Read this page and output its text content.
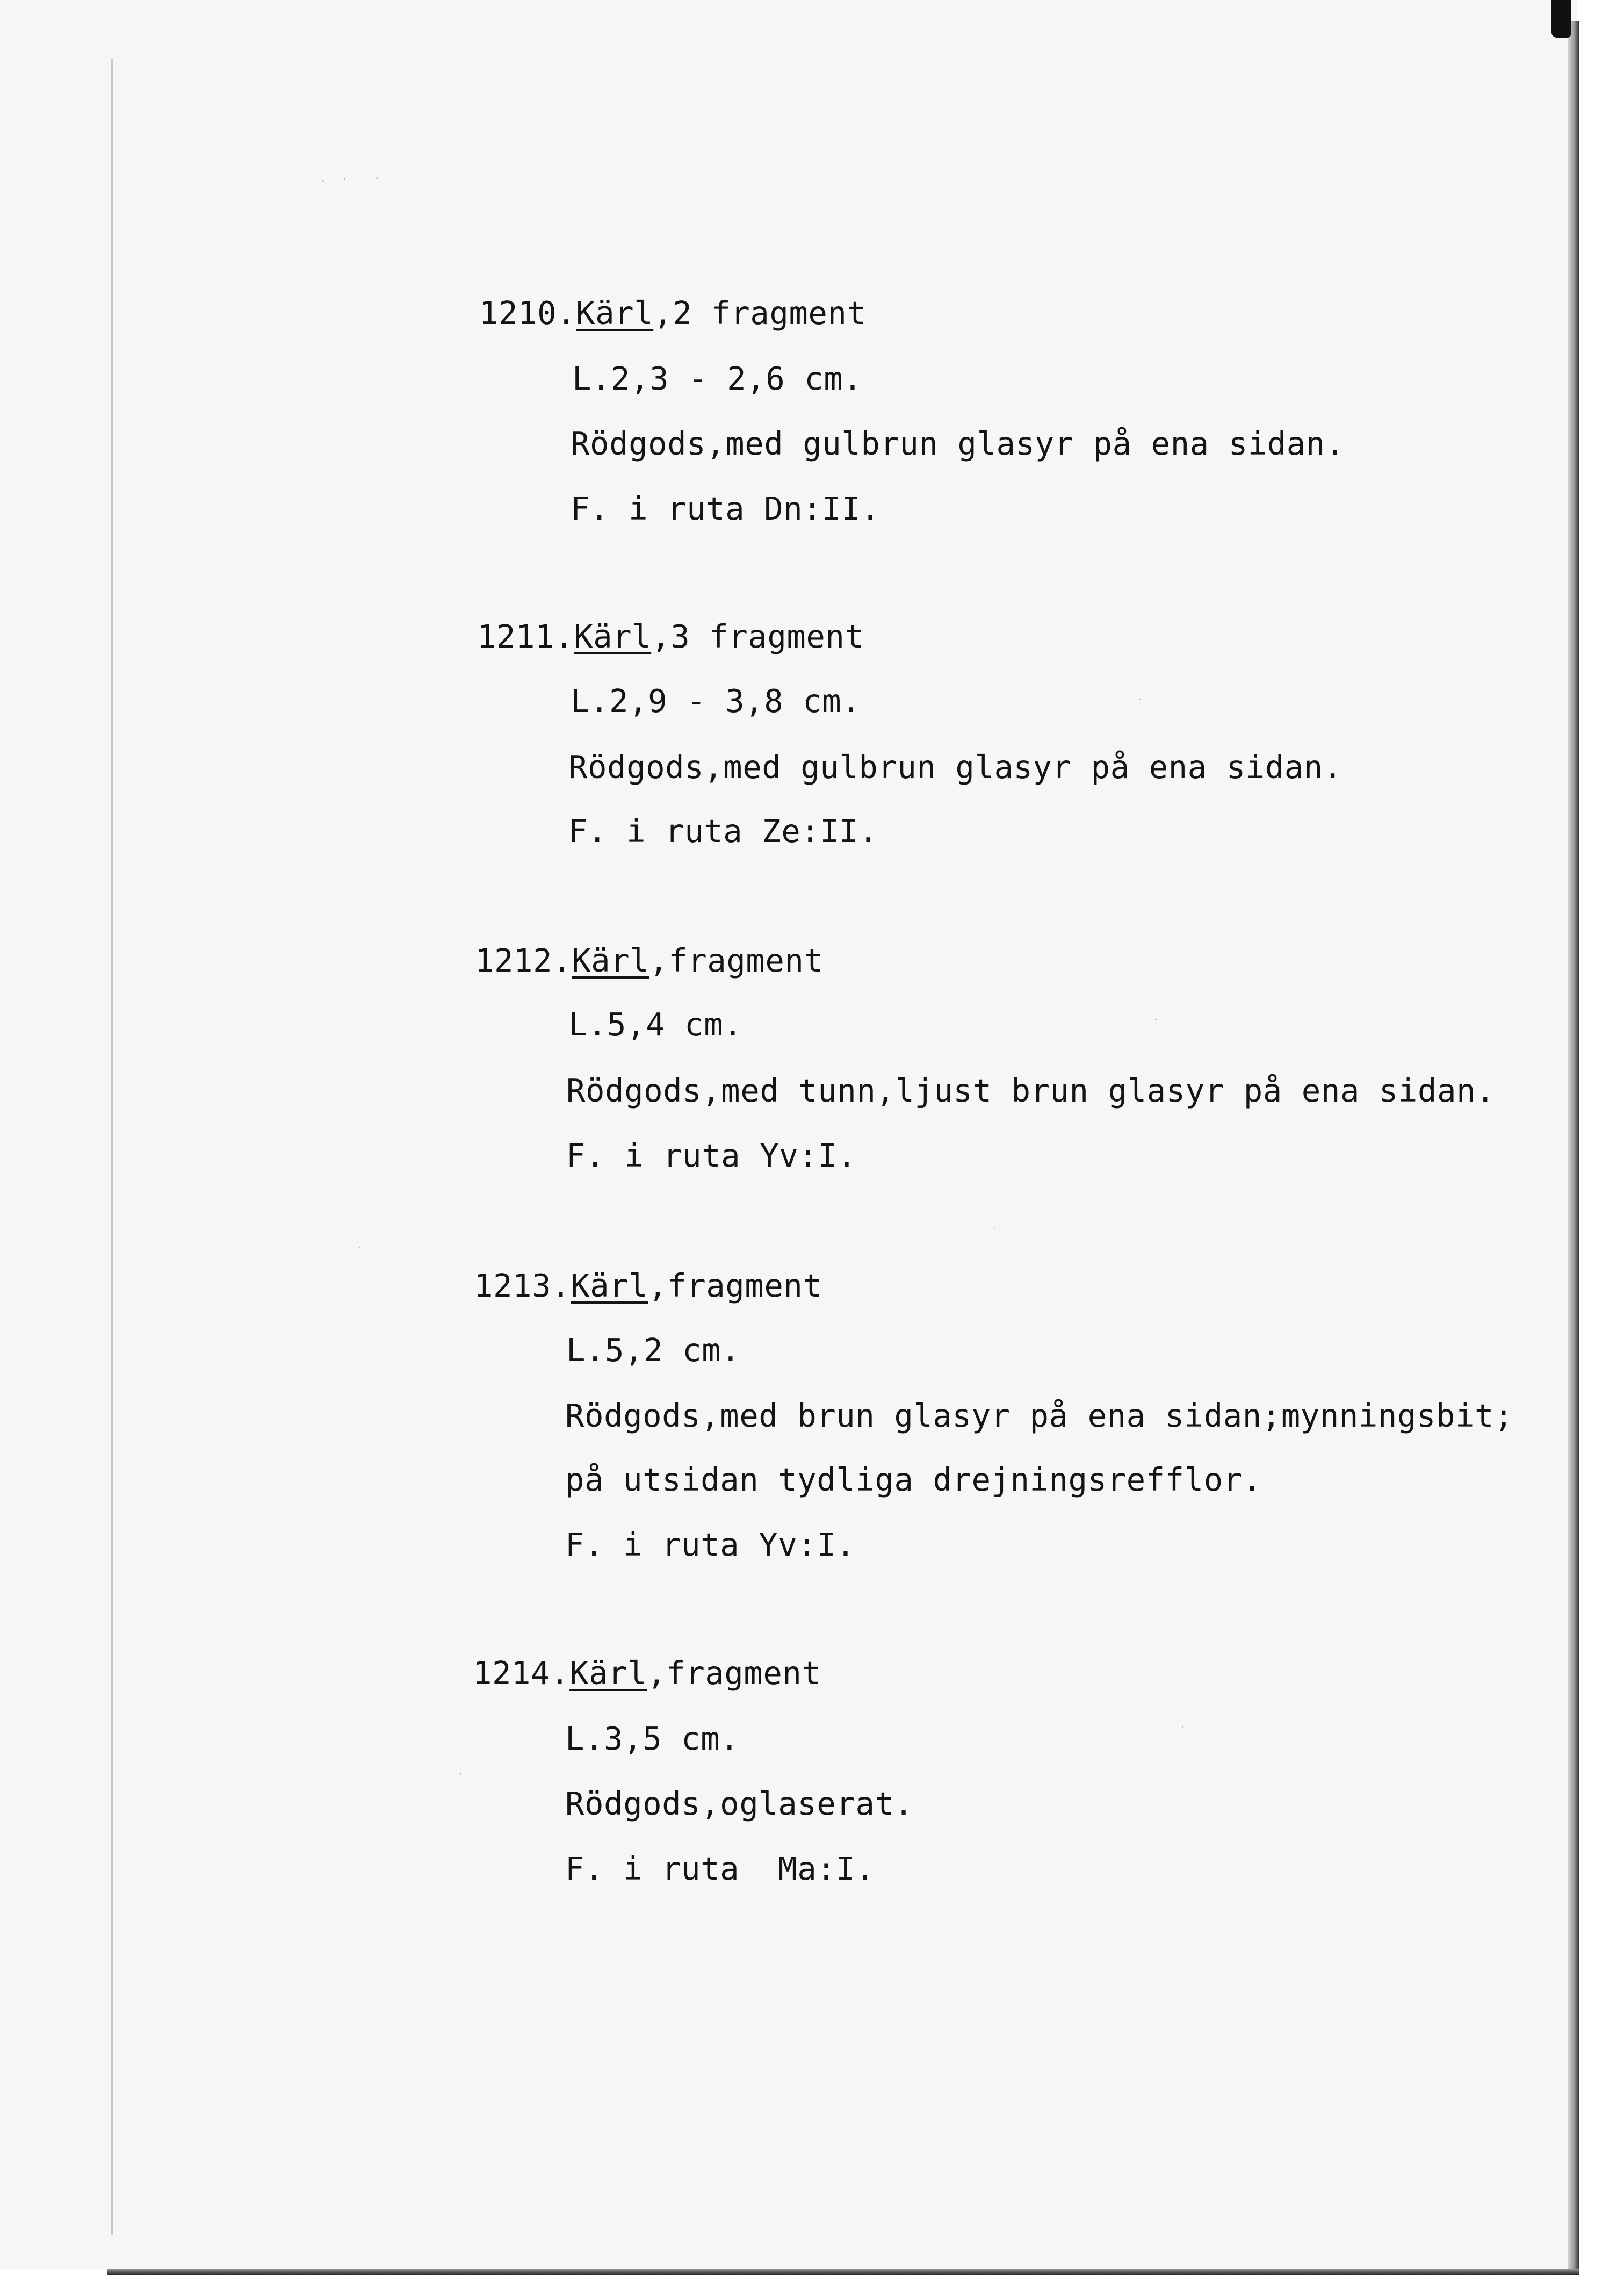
1210.Kärl,2 fragment
L.2,3 - 2,6 cm.
Rödgods,med gulbrun glasyr på ena sidan.
F. i ruta Dn:II.
1211.Kärl,3 fragment
L.2,9 - 3,8 cm.
Rödgods,med gulbrun glasyr på ena sidan.
F. i ruta Ze:II.
1212.Kärl,fragment
L.5,4 cm.
Rödgods,med tunn,ljust brun glasyr på ena sidan.
F. i ruta Yv:I.
1213.Kärl,fragment
L.5,2 cm.
Rödgods,med brun glasyr på ena sidan;mynningsbit;
på utsidan tydliga drejningsrefflor.
F. i ruta Yv:I.
1214.Kärl,fragment
L.3,5 cm.
Rödgods,oglaserat.
F. i ruta  Ma:I.
